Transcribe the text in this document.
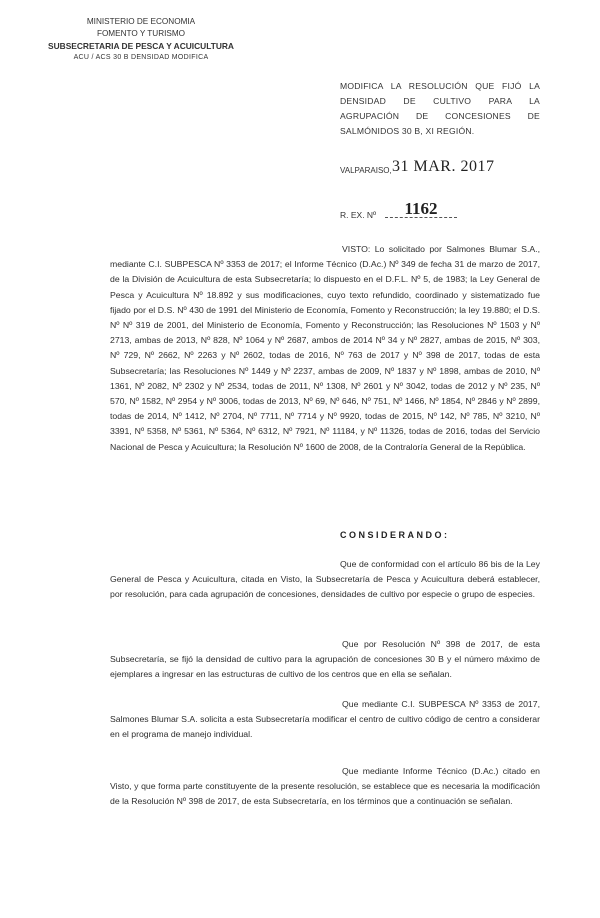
MINISTERIO DE ECONOMIA
FOMENTO Y TURISMO
SUBSECRETARIA DE PESCA Y ACUICULTURA
ACU / ACS 30 B DENSIDAD MODIFICA
MODIFICA LA RESOLUCIÓN QUE FIJÓ LA
DENSIDAD DE CULTIVO PARA LA
AGRUPACIÓN DE CONCESIONES DE
SALMÓNIDOS 30 B, XI REGIÓN.
VALPARAISO, 31 MAR. 2017
R. EX. Nº	1162
VISTO: Lo solicitado por Salmones Blumar S.A., mediante C.I. SUBPESCA Nº 3353 de 2017; el Informe Técnico (D.Ac.) Nº 349 de fecha 31 de marzo de 2017, de la División de Acuicultura de esta Subsecretaría; lo dispuesto en el D.F.L. Nº 5, de 1983; la Ley General de Pesca y Acuicultura Nº 18.892 y sus modificaciones, cuyo texto refundido, coordinado y sistematizado fue fijado por el D.S. Nº 430 de 1991 del Ministerio de Economía, Fomento y Reconstrucción; la ley 19.880; el D.S. Nº Nº 319 de 2001, del Ministerio de Economía, Fomento y Reconstrucción; las Resoluciones Nº 1503 y Nº 2713, ambas de 2013, Nº 828, Nº 1064 y Nº 2687, ambos de 2014 Nº 34 y Nº 2827, ambas de 2015, Nº 303, Nº 729, Nº 2662, Nº 2263 y Nº 2602, todas de 2016, Nº 763 de 2017 y Nº 398 de 2017, todas de esta Subsecretaría; las Resoluciones Nº 1449 y Nº 2237, ambas de 2009, Nº 1837 y Nº 1898, ambas de 2010, Nº 1361, Nº 2082, Nº 2302 y Nº 2534, todas de 2011, Nº 1308, Nº 2601 y Nº 3042, todas de 2012 y Nº 235, Nº 570, Nº 1582, Nº 2954 y Nº 3006, todas de 2013, Nº 69, Nº 646, Nº 751, Nº 1466, Nº 1854, Nº 2846 y Nº 2899, todas de 2014, Nº 1412, Nº 2704, Nº 7711, Nº 7714 y Nº 9920, todas de 2015, Nº 142, Nº 785, Nº 3210, Nº 3391, Nº 5358, Nº 5361, Nº 5364, Nº 6312, Nº 7921, Nº 11184, y Nº 11326, todas de 2016, todas del Servicio Nacional de Pesca y Acuicultura; la Resolución Nº 1600 de 2008, de la Contraloría General de la República.
CONSIDERANDO:
Que de conformidad con el artículo 86 bis de la Ley General de Pesca y Acuicultura, citada en Visto, la Subsecretaría de Pesca y Acuicultura deberá establecer, por resolución, para cada agrupación de concesiones, densidades de cultivo por especie o grupo de especies.
Que por Resolución Nº 398 de 2017, de esta Subsecretaría, se fijó la densidad de cultivo para la agrupación de concesiones 30 B y el número máximo de ejemplares a ingresar en las estructuras de cultivo de los centros que en ella se señalan.
Que mediante C.I. SUBPESCA Nº 3353 de 2017, Salmones Blumar S.A. solicita a esta Subsecretaría modificar el centro de cultivo código de centro a considerar en el programa de manejo individual.
Que mediante Informe Técnico (D.Ac.) citado en Visto, y que forma parte constituyente de la presente resolución, se establece que es necesaria la modificación de la Resolución Nº 398 de 2017, de esta Subsecretaría, en los términos que a continuación se señalan.
